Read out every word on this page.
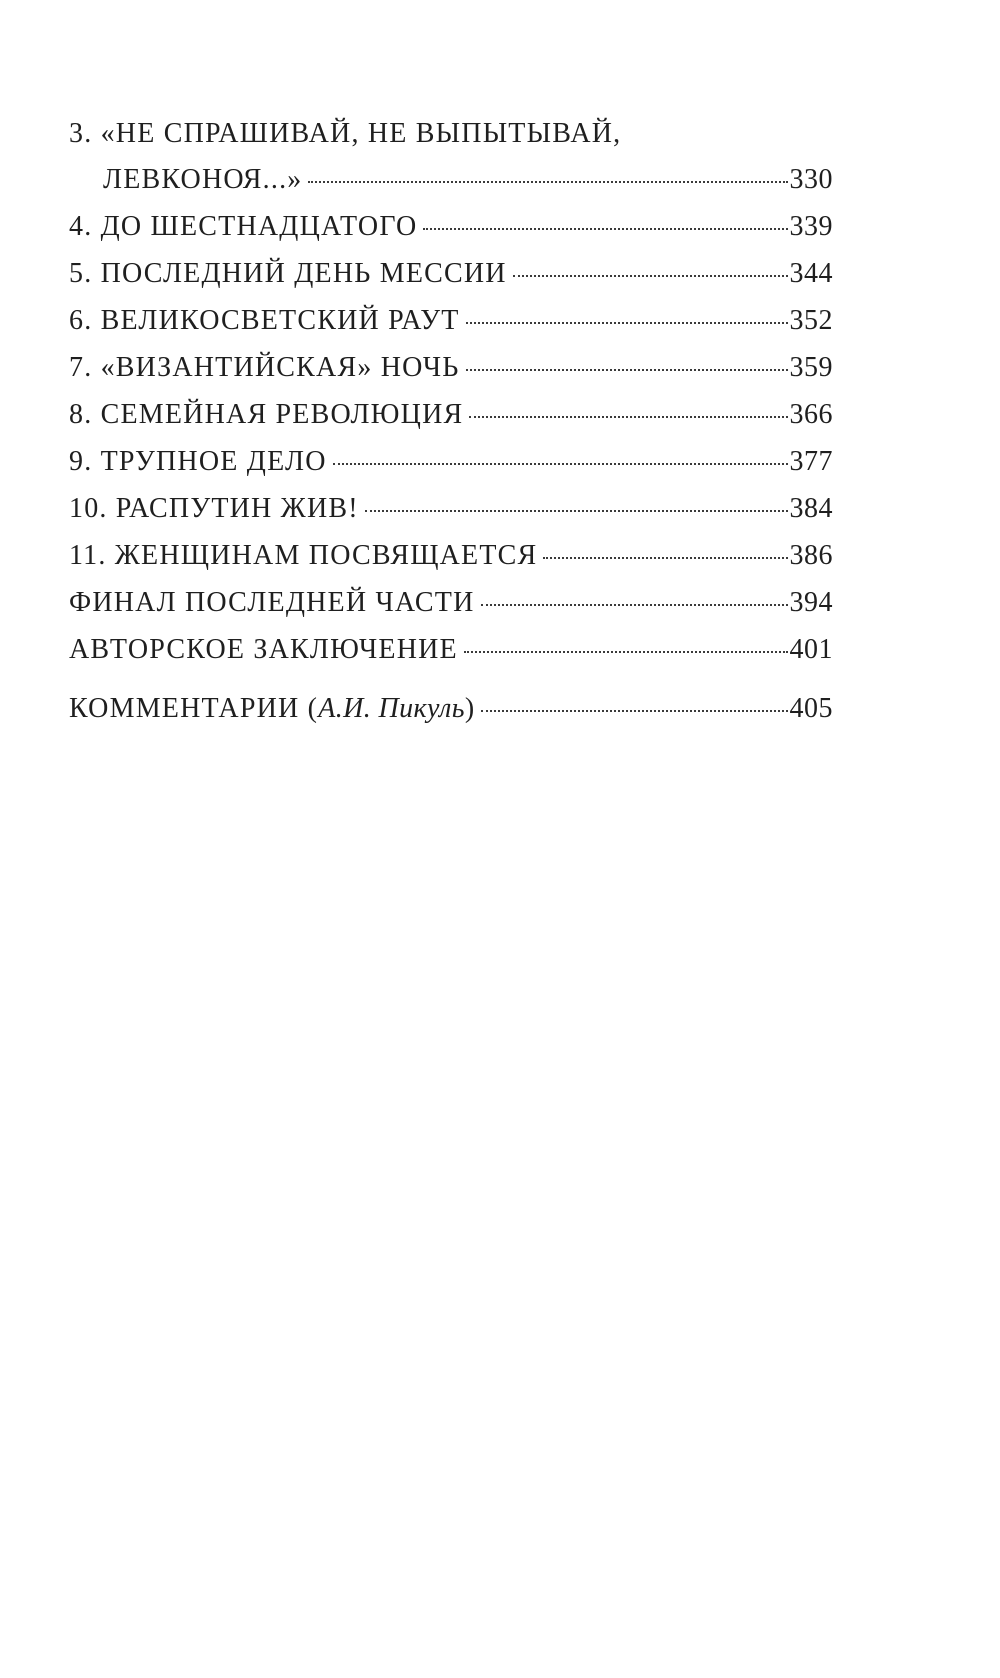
3. «НЕ СПРАШИВАЙ, НЕ ВЫПЫТЫВАЙ,
ЛЕВКОНОЯ...»	330
4. ДО ШЕСТНАДЦАТОГО	339
5. ПОСЛЕДНИЙ ДЕНЬ МЕССИИ	344
6. ВЕЛИКОСВЕТСКИЙ РАУТ	352
7. «ВИЗАНТИЙСКАЯ» НОЧЬ	359
8. СЕМЕЙНАЯ РЕВОЛЮЦИЯ	366
9. ТРУПНОЕ ДЕЛО	377
10. РАСПУТИН ЖИВ!	384
11. ЖЕНЩИНАМ ПОСВЯЩАЕТСЯ	386
ФИНАЛ ПОСЛЕДНЕЙ ЧАСТИ	394
АВТОРСКОЕ ЗАКЛЮЧЕНИЕ	401
КОММЕНТАРИИ (А.И. Пикуль)	405
